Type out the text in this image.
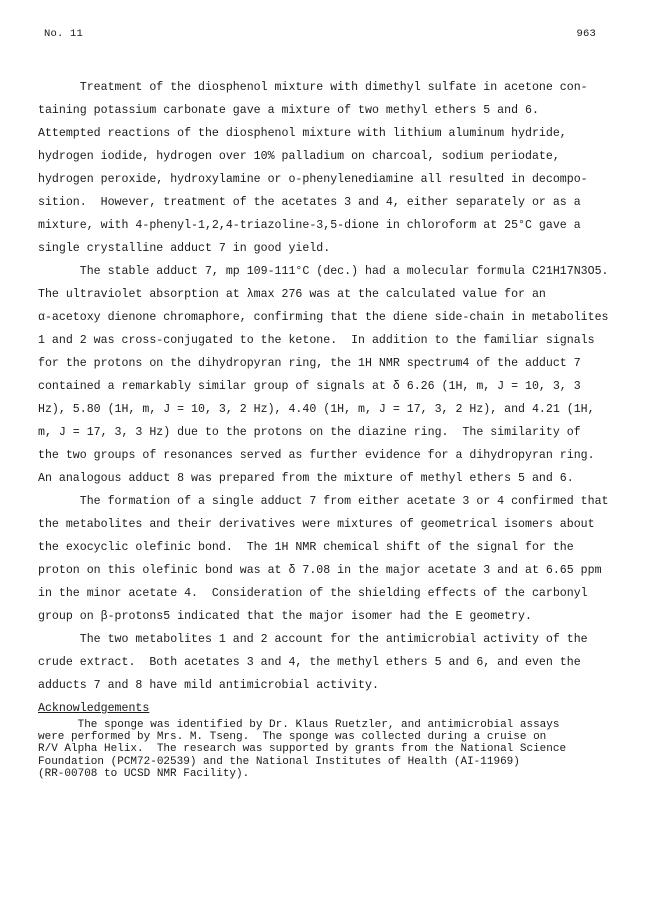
No. 11	963
Treatment of the diosphenol mixture with dimethyl sulfate in acetone con-
taining potassium carbonate gave a mixture of two methyl ethers 5 and 6.
Attempted reactions of the diosphenol mixture with lithium aluminum hydride,
hydrogen iodide, hydrogen over 10% palladium on charcoal, sodium periodate,
hydrogen peroxide, hydroxylamine or o-phenylenediamine all resulted in decompo-
sition.  However, treatment of the acetates 3 and 4, either separately or as a
mixture, with 4-phenyl-1,2,4-triazoline-3,5-dione in chloroform at 25°C gave a
single crystalline adduct 7 in good yield.
The stable adduct 7, mp 109-111°C (dec.) had a molecular formula C21H17N3O5.
The ultraviolet absorption at λmax 276 was at the calculated value for an
α-acetoxy dienone chromaphore, confirming that the diene side-chain in metabolites
1 and 2 was cross-conjugated to the ketone.  In addition to the familiar signals
for the protons on the dihydropyran ring, the 1H NMR spectrum4 of the adduct 7
contained a remarkably similar group of signals at δ 6.26 (1H, m, J = 10, 3, 3
Hz), 5.80 (1H, m, J = 10, 3, 2 Hz), 4.40 (1H, m, J = 17, 3, 2 Hz), and 4.21 (1H,
m, J = 17, 3, 3 Hz) due to the protons on the diazine ring.  The similarity of
the two groups of resonances served as further evidence for a dihydropyran ring.
An analogous adduct 8 was prepared from the mixture of methyl ethers 5 and 6.
The formation of a single adduct 7 from either acetate 3 or 4 confirmed that
the metabolites and their derivatives were mixtures of geometrical isomers about
the exocyclic olefinic bond.  The 1H NMR chemical shift of the signal for the
proton on this olefinic bond was at δ 7.08 in the major acetate 3 and at 6.65 ppm
in the minor acetate 4.  Consideration of the shielding effects of the carbonyl
group on β-protons5 indicated that the major isomer had the E geometry.
The two metabolites 1 and 2 account for the antimicrobial activity of the
crude extract.  Both acetates 3 and 4, the methyl ethers 5 and 6, and even the
adducts 7 and 8 have mild antimicrobial activity.
Acknowledgements
The sponge was identified by Dr. Klaus Ruetzler, and antimicrobial assays
were performed by Mrs. M. Tseng.  The sponge was collected during a cruise on
R/V Alpha Helix.  The research was supported by grants from the National Science
Foundation (PCM72-02539) and the National Institutes of Health (AI-11969)
(RR-00708 to UCSD NMR Facility).
